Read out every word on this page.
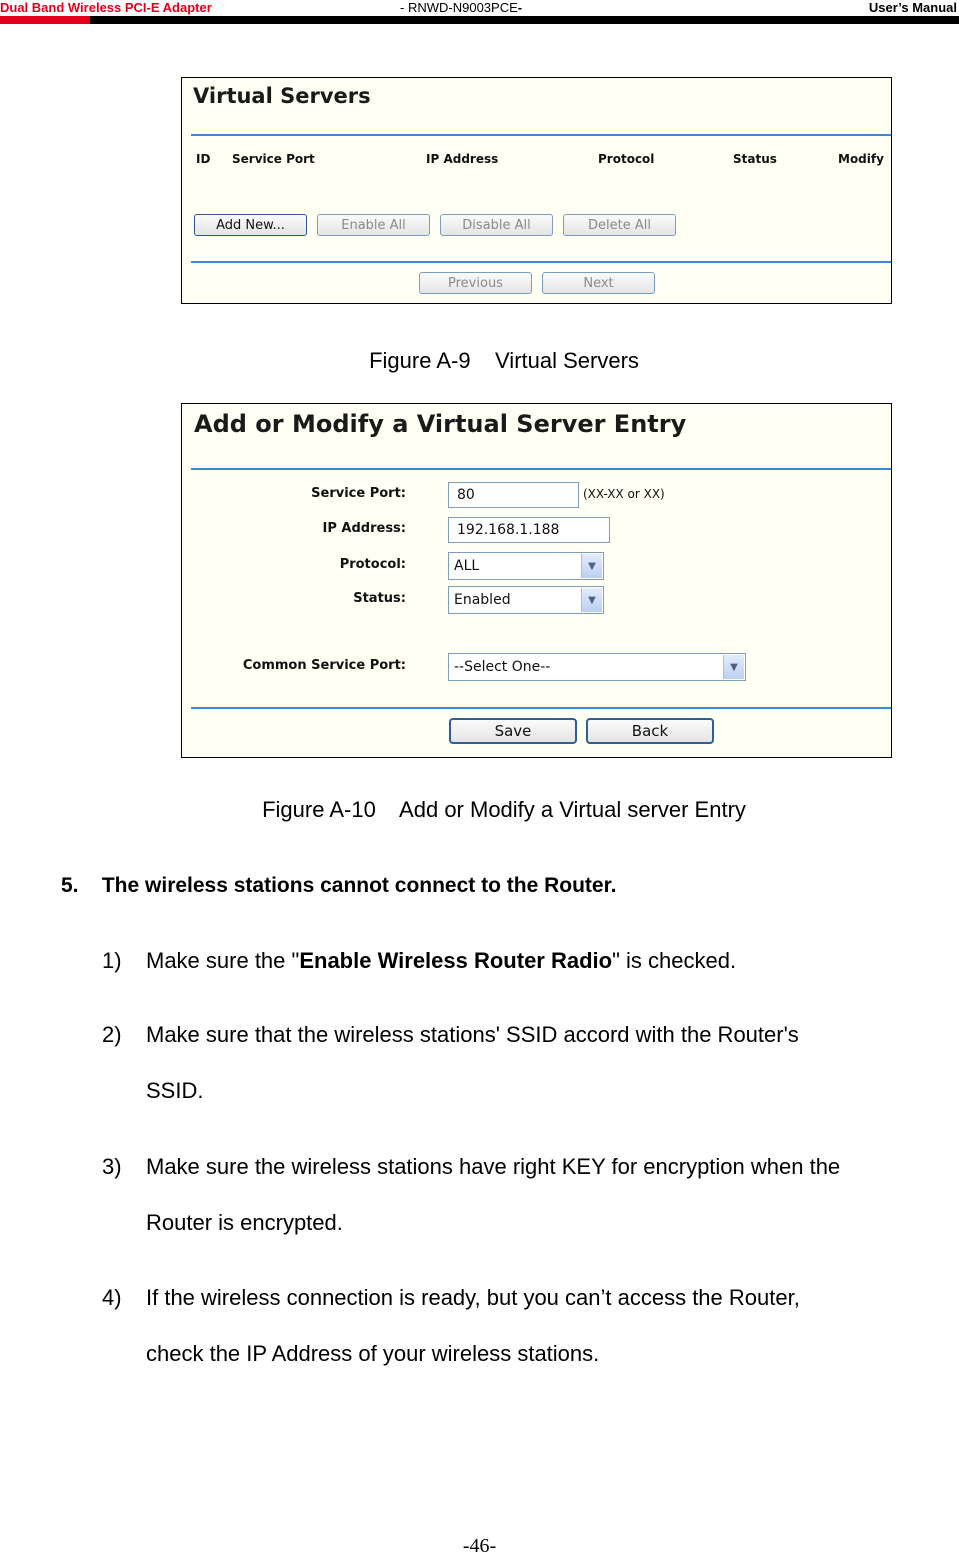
Dual Band Wireless PCI-E Adapter	- RNWD-N9003PCE-	User’s Manual
Virtual Servers
ID Service Port	IP Address	Protocol	Status	Modify
Add New...	Enable All	Disable All	Delete All
Previous	Next
Figure A-9    Virtual Servers
Add or Modify a Virtual Server Entry
Service Port:	80	(XX-XX or XX)
IP Address:	192.168.1.188
Protocol:	ALL	▼
Status:	Enabled	▼
Common Service Port:	--Select One--	▼
Save	Back
Figure A-10    Add or Modify a Virtual server Entry
5.    The wireless stations cannot connect to the Router.
1) Make sure the "Enable Wireless Router Radio" is checked.
2) Make sure that the wireless stations' SSID accord with the Router's
SSID.
3) Make sure the wireless stations have right KEY for encryption when the
Router is encrypted.
4) If the wireless connection is ready, but you can’t access the Router,
check the IP Address of your wireless stations.
-46-
